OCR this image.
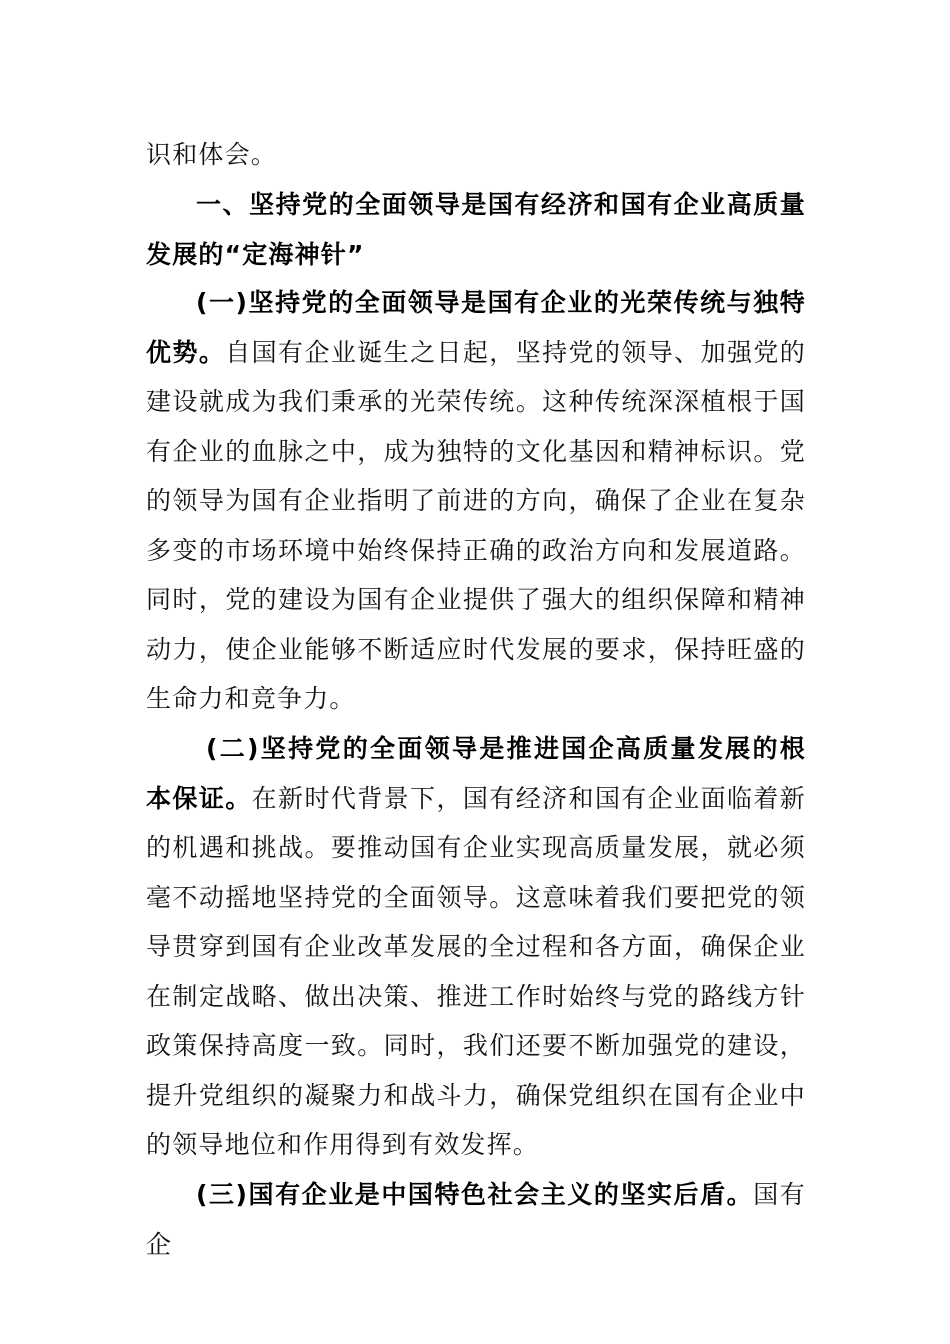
识和体会。
一、坚持党的全面领导是国有经济和国有企业高质量发展的“定海神针”
(一)坚持党的全面领导是国有企业的光荣传统与独特优势。自国有企业诞生之日起，坚持党的领导、加强党的建设就成为我们秉承的光荣传统。这种传统深深植根于国有企业的血脉之中，成为独特的文化基因和精神标识。党的领导为国有企业指明了前进的方向，确保了企业在复杂多变的市场环境中始终保持正确的政治方向和发展道路。同时，党的建设为国有企业提供了强大的组织保障和精神动力，使企业能够不断适应时代发展的要求，保持旺盛的生命力和竞争力。
(二)坚持党的全面领导是推进国企高质量发展的根本保证。在新时代背景下，国有经济和国有企业面临着新的机遇和挑战。要推动国有企业实现高质量发展，就必须毫不动摇地坚持党的全面领导。这意味着我们要把党的领导贯穿到国有企业改革发展的全过程和各方面，确保企业在制定战略、做出决策、推进工作时始终与党的路线方针政策保持高度一致。同时，我们还要不断加强党的建设，提升党组织的凝聚力和战斗力，确保党组织在国有企业中的领导地位和作用得到有效发挥。
(三)国有企业是中国特色社会主义的坚实后盾。国有企
